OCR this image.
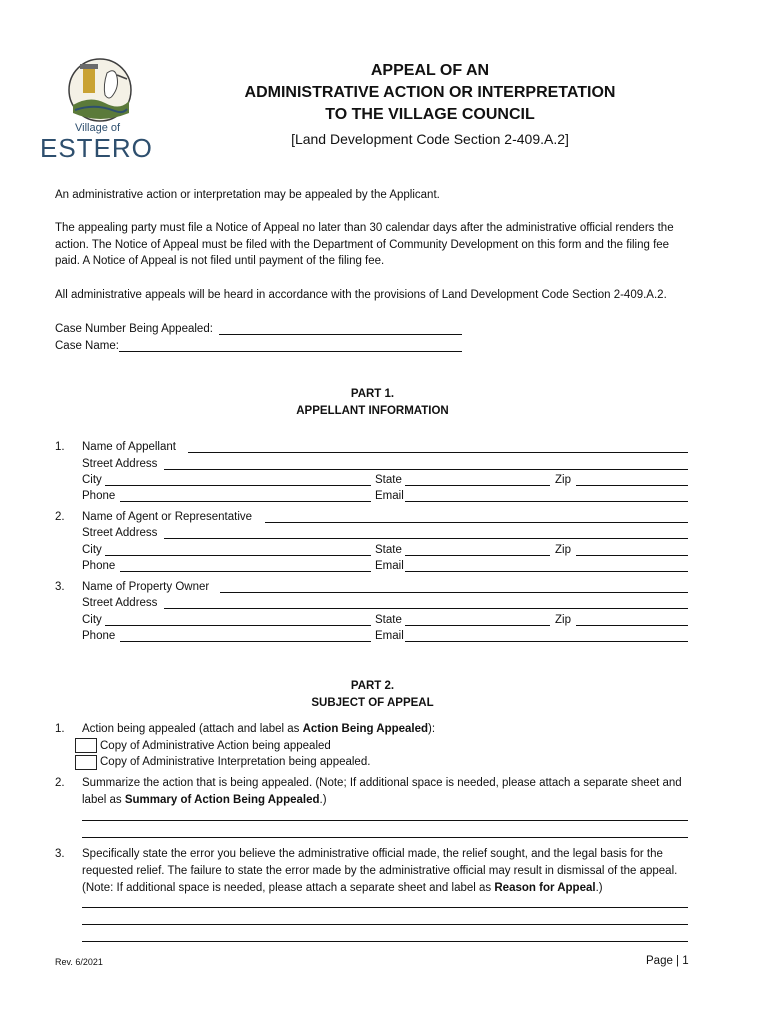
Village of
ESTERO
APPEAL OF AN
ADMINISTRATIVE ACTION OR INTERPRETATION
TO THE VILLAGE COUNCIL
[Land Development Code Section 2-409.A.2]
An administrative action or interpretation may be appealed by the Applicant.
The appealing party must file a Notice of Appeal no later than 30 calendar days after the administrative official renders the action. The Notice of Appeal must be filed with the Department of Community Development on this form and the filing fee paid. A Notice of Appeal is not filed until payment of the filing fee.
All administrative appeals will be heard in accordance with the provisions of Land Development Code Section 2-409.A.2.
Case Number Being Appealed:
Case Name:
PART 1.
APPELLANT INFORMATION
1. Name of Appellant
Street Address
City	State	Zip
Phone	Email
2. Name of Agent or Representative
Street Address
City	State	Zip
Phone	Email
3. Name of Property Owner
Street Address
City	State	Zip
Phone	Email
PART 2.
SUBJECT OF APPEAL
1. Action being appealed (attach and label as Action Being Appealed):
Copy of Administrative Action being appealed
Copy of Administrative Interpretation being appealed.
2. Summarize the action that is being appealed. (Note; If additional space is needed, please attach a separate sheet and label as Summary of Action Being Appealed.)
3. Specifically state the error you believe the administrative official made, the relief sought, and the legal basis for the requested relief. The failure to state the error made by the administrative official may result in dismissal of the appeal. (Note: If additional space is needed, please attach a separate sheet and label as Reason for Appeal.)
Rev. 6/2021	Page | 1
